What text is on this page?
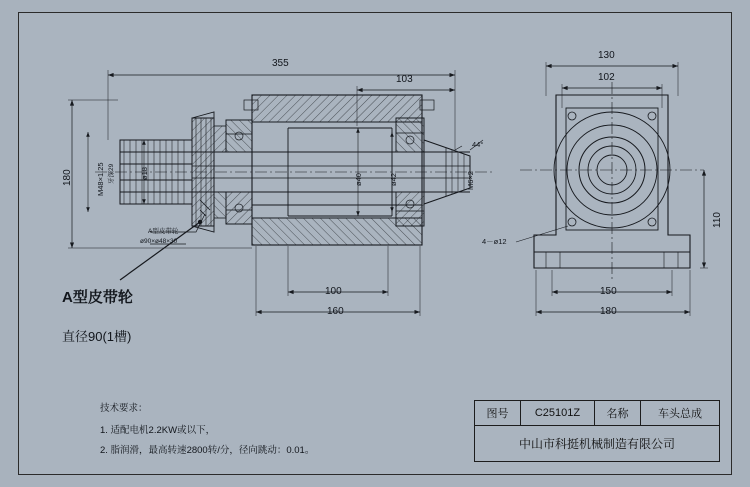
355
103
100
160
180	M48×1.25 牙深29	ø18	ø40	ø42	M6×2
44°
130
102
110
150
180
4－ø12
A型皮带轮
ø90×ø48×30
A型皮带轮
直径90(1槽)
技术要求：
1. 适配电机2.2KW或以下，
2. 脂润滑，最高转速2800转/分，径向跳动：0.01。
图号	C25101Z	名称	车头总成
中山市科挺机械制造有限公司
